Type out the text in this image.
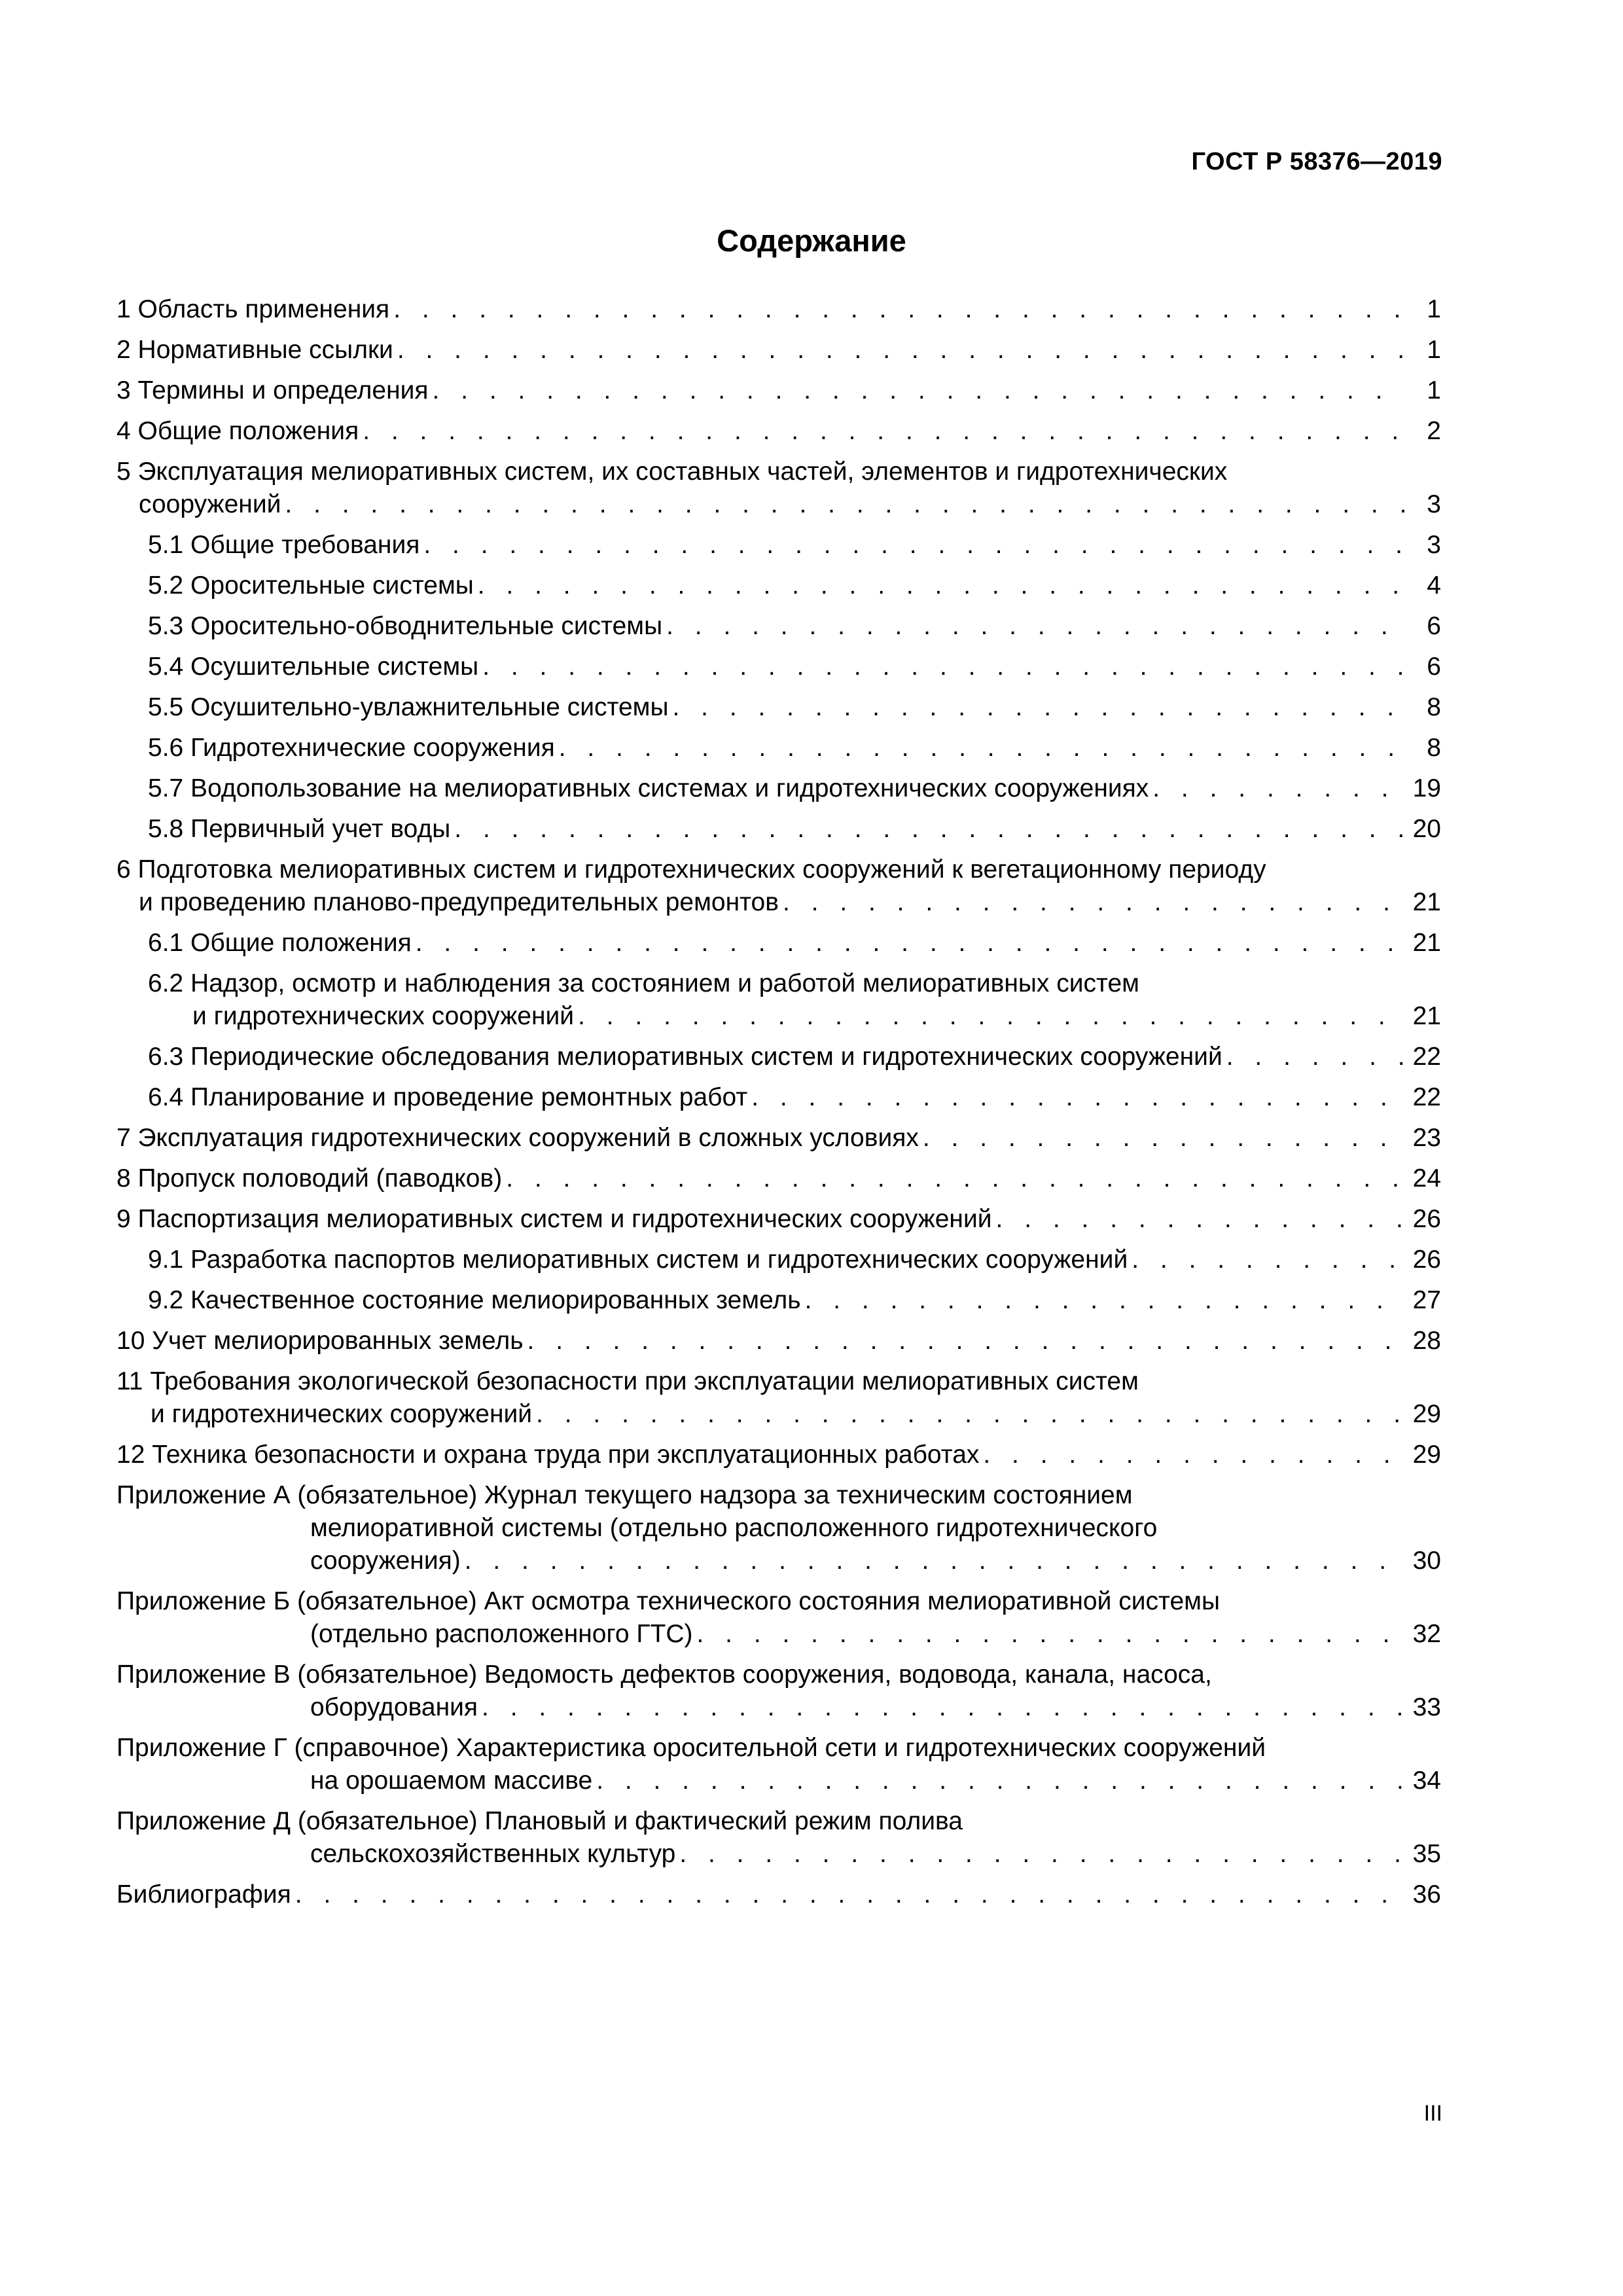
ГОСТ Р 58376—2019
Содержание
1 Область применения . . .	1
2 Нормативные ссылки . . .	1
3 Термины и определения . . .	1
4 Общие положения . . .	2
5 Эксплуатация мелиоративных систем, их составных частей, элементов и гидротехнических
сооружений . . .	3
5.1 Общие требования . . .	3
5.2 Оросительные системы . . .	4
5.3 Оросительно-обводнительные системы . . .	6
5.4 Осушительные системы . . .	6
5.5 Осушительно-увлажнительные системы . . .	8
5.6 Гидротехнические сооружения . . .	8
5.7 Водопользование на мелиоративных системах и гидротехнических сооружениях . . .	19
5.8 Первичный учет воды . . .	20
6 Подготовка мелиоративных систем и гидротехнических сооружений к вегетационному периоду
и проведению планово-предупредительных ремонтов . . .	21
6.1 Общие положения . . .	21
6.2 Надзор, осмотр и наблюдения за состоянием и работой мелиоративных систем
и гидротехнических сооружений . . .	21
6.3 Периодические обследования мелиоративных систем и гидротехнических сооружений . . .	22
6.4 Планирование и проведение ремонтных работ . . .	22
7 Эксплуатация гидротехнических сооружений в сложных условиях . . .	23
8 Пропуск половодий (паводков) . . .	24
9 Паспортизация мелиоративных систем и гидротехнических сооружений . . .	26
9.1 Разработка паспортов мелиоративных систем и гидротехнических сооружений . . .	26
9.2 Качественное состояние мелиорированных земель . . .	27
10 Учет мелиорированных земель . . .	28
11 Требования экологической безопасности при эксплуатации мелиоративных систем
и гидротехнических сооружений . . .	29
12 Техника безопасности и охрана труда при эксплуатационных работах . . .	29
Приложение А (обязательное) Журнал текущего надзора за техническим состоянием
мелиоративной системы (отдельно расположенного гидротехнического
сооружения) . . .	30
Приложение Б (обязательное) Акт осмотра технического состояния мелиоративной системы
(отдельно расположенного ГТС) . . .	32
Приложение В (обязательное) Ведомость дефектов сооружения, водовода, канала, насоса,
оборудования . . .	33
Приложение Г (справочное) Характеристика оросительной сети и гидротехнических сооружений
на орошаемом массиве . . .	34
Приложение Д (обязательное) Плановый и фактический режим полива
сельскохозяйственных культур . . .	35
Библиография . . .	36
III
